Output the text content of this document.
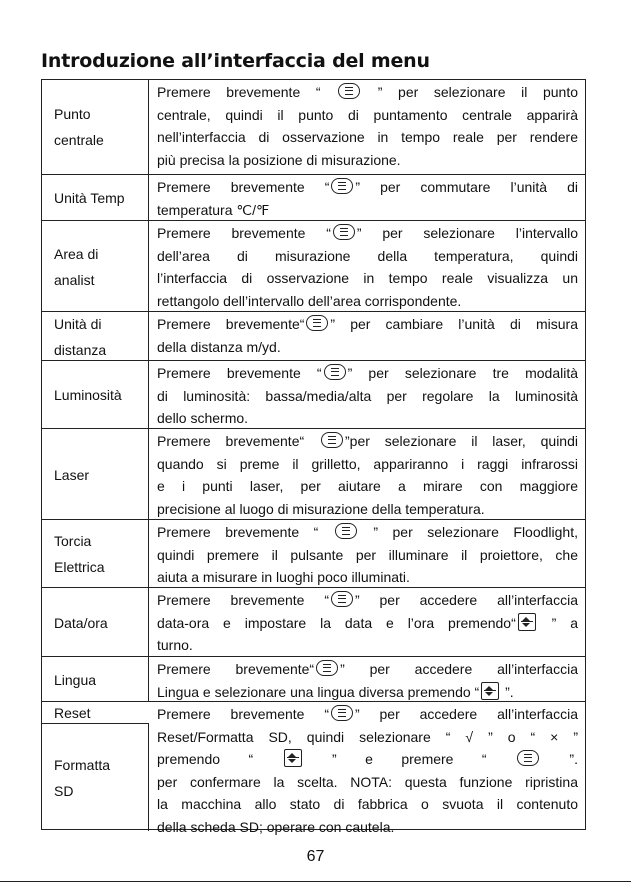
Introduzione all’interfaccia del menu
Punto
centrale
Premere brevemente “  ” per selezionare il punto
centrale, quindi il punto di puntamento centrale apparirà
nell’interfaccia di osservazione in tempo reale per rendere
più precisa la posizione di misurazione.
Unità Temp
Premere brevemente “ ” per commutare l’unità di
temperatura ℃/℉
Area di
analist
Premere brevemente “ ” per selezionare l’intervallo
dell’area di misurazione della temperatura, quindi
l’interfaccia di osservazione in tempo reale visualizza un
rettangolo dell’intervallo dell’area corrispondente.
Unità di
distanza
Premere brevemente“ ” per cambiare l’unità di misura
della distanza m/yd.
Luminosità
Premere brevemente “ ” per selezionare tre modalità
di luminosità: bassa/media/alta per regolare la luminosità
dello schermo.
Laser
Premere brevemente“ ”per selezionare il laser, quindi
quando si preme il grilletto, appariranno i raggi infrarossi
e i punti laser, per aiutare a mirare con maggiore
precisione al luogo di misurazione della temperatura.
Torcia
Elettrica
Premere brevemente “  ” per selezionare Floodlight,
quindi premere il pulsante per illuminare il proiettore, che
aiuta a misurare in luoghi poco illuminati.
Data/ora
Premere brevemente “ ” per accedere all’interfaccia
data-ora e impostare la data e l’ora premendo“
” a
turno.
Lingua
Premere brevemente“ ” per accedere all’interfaccia
Lingua e selezionare una lingua diversa premendo “
”.
Reset
Formatta
SD
Premere brevemente “ ” per accedere all’interfaccia
Reset/Formatta SD, quindi selezionare “ √ ” o “ × ”
premendo “
” e premere “  ”.
per confermare la scelta. NOTA: questa funzione ripristina
la macchina allo stato di fabbrica o svuota il contenuto
della scheda SD; operare con cautela.
67
